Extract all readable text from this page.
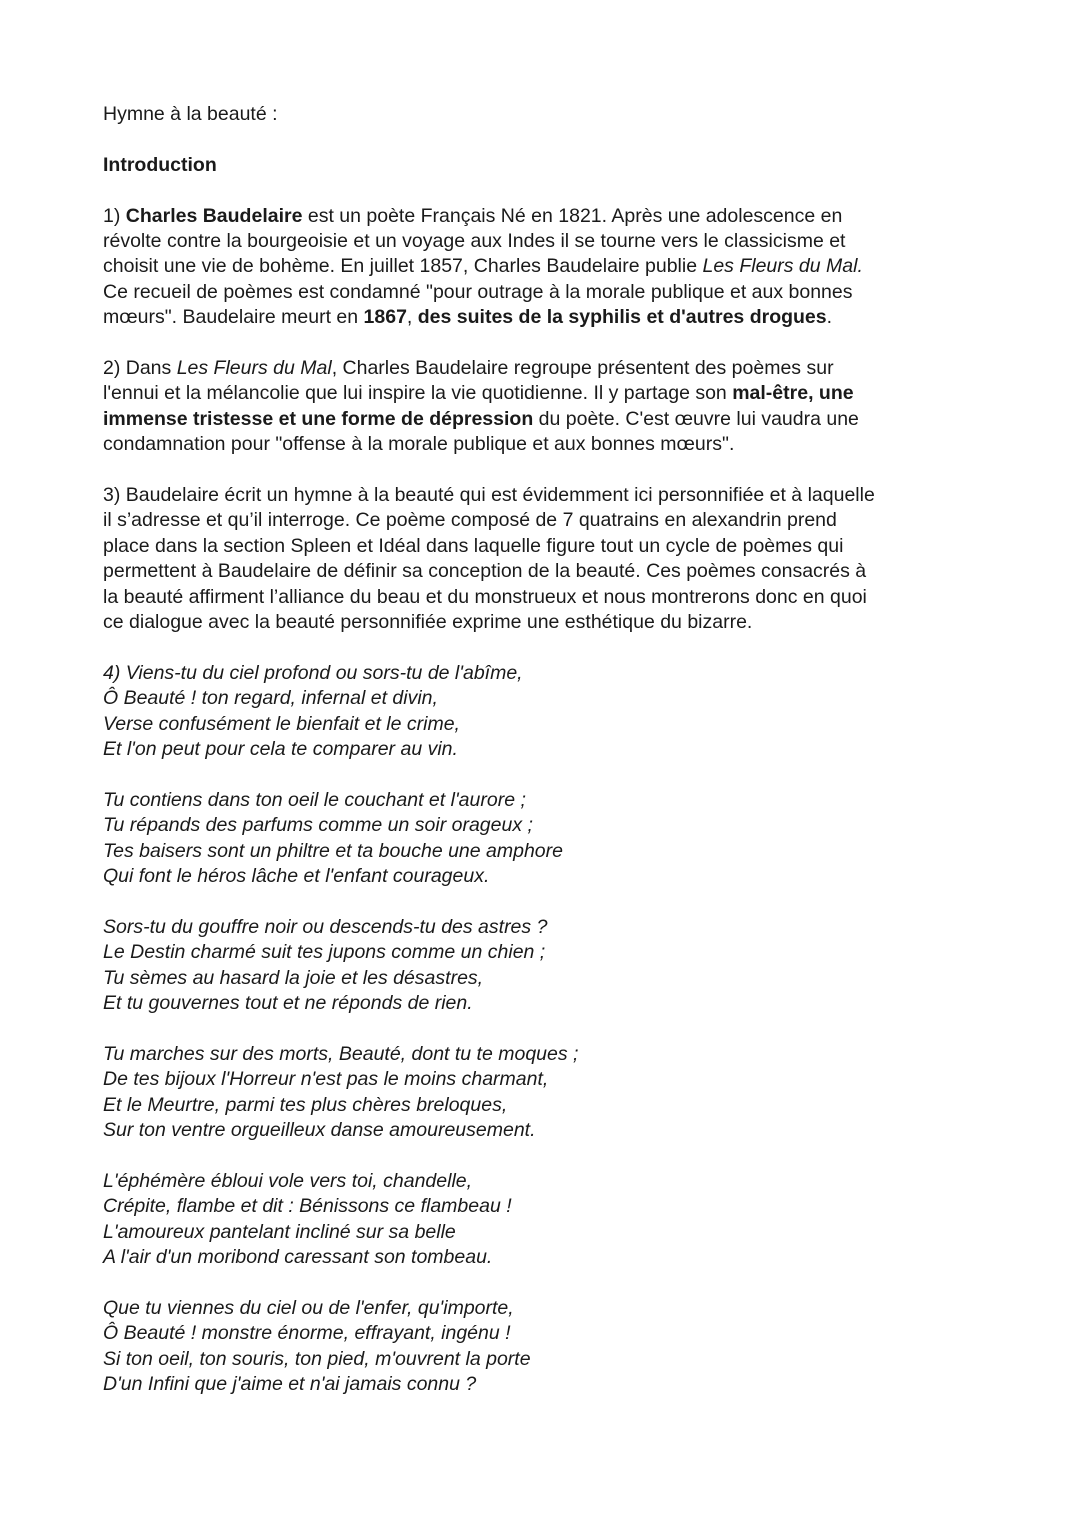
Hymne à la beauté :
Introduction
1) Charles Baudelaire est un poète Français Né en 1821. Après une adolescence en
révolte contre la bourgeoisie et un voyage aux Indes il se tourne vers le classicisme et
choisit une vie de bohème. En juillet 1857, Charles Baudelaire publie Les Fleurs du Mal.
Ce recueil de poèmes est condamné "pour outrage à la morale publique et aux bonnes
mœurs". Baudelaire meurt en 1867, des suites de la syphilis et d'autres drogues.
2) Dans Les Fleurs du Mal, Charles Baudelaire regroupe présentent des poèmes sur
l'ennui et la mélancolie que lui inspire la vie quotidienne. Il y partage son mal-être, une
immense tristesse et une forme de dépression du poète. C'est œuvre lui vaudra une
condamnation pour "offense à la morale publique et aux bonnes mœurs".
3) Baudelaire écrit un hymne à la beauté qui est évidemment ici personnifiée et à laquelle
il s’adresse et qu’il interroge. Ce poème composé de 7 quatrains en alexandrin prend
place dans la section Spleen et Idéal dans laquelle figure tout un cycle de poèmes qui
permettent à Baudelaire de définir sa conception de la beauté. Ces poèmes consacrés à
la beauté affirment l’alliance du beau et du monstrueux et nous montrerons donc en quoi
ce dialogue avec la beauté personnifiée exprime une esthétique du bizarre.
4) Viens-tu du ciel profond ou sors-tu de l'abîme,
Ô Beauté ! ton regard, infernal et divin,
Verse confusément le bienfait et le crime,
Et l'on peut pour cela te comparer au vin.
Tu contiens dans ton oeil le couchant et l'aurore ;
Tu répands des parfums comme un soir orageux ;
Tes baisers sont un philtre et ta bouche une amphore
Qui font le héros lâche et l'enfant courageux.
Sors-tu du gouffre noir ou descends-tu des astres ?
Le Destin charmé suit tes jupons comme un chien ;
Tu sèmes au hasard la joie et les désastres,
Et tu gouvernes tout et ne réponds de rien.
Tu marches sur des morts, Beauté, dont tu te moques ;
De tes bijoux l'Horreur n'est pas le moins charmant,
Et le Meurtre, parmi tes plus chères breloques,
Sur ton ventre orgueilleux danse amoureusement.
L'éphémère ébloui vole vers toi, chandelle,
Crépite, flambe et dit : Bénissons ce flambeau !
L'amoureux pantelant incliné sur sa belle
A l'air d'un moribond caressant son tombeau.
Que tu viennes du ciel ou de l'enfer, qu'importe,
Ô Beauté ! monstre énorme, effrayant, ingénu !
Si ton oeil, ton souris, ton pied, m'ouvrent la porte
D'un Infini que j'aime et n'ai jamais connu ?
